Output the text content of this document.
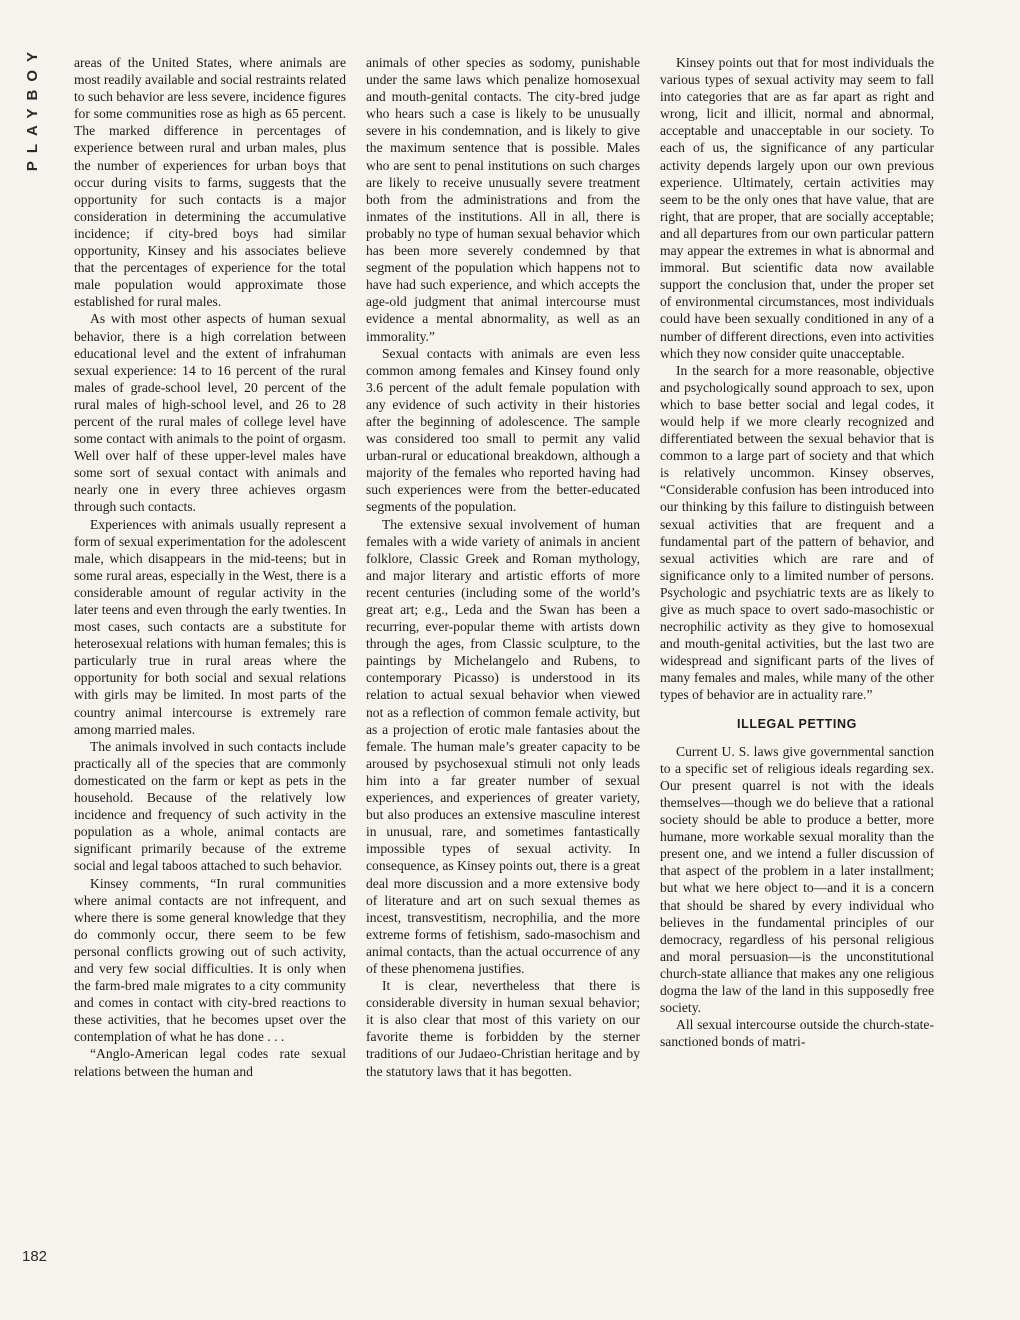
PLAYBOY	areas of the United States, where animals are most readily available and social restraints related to such behavior are less severe, incidence figures for some communities rose as high as 65 percent. The marked difference in percentages of experience between rural and urban males, plus the number of experiences for urban boys that occur during visits to farms, suggests that the opportunity for such contacts is a major consideration in determining the accumulative incidence; if city-bred boys had similar opportunity, Kinsey and his associates believe that the percentages of experience for the total male population would approximate those established for rural males.

As with most other aspects of human sexual behavior, there is a high correlation between educational level and the extent of infrahuman sexual experience: 14 to 16 percent of the rural males of grade-school level, 20 percent of the rural males of high-school level, and 26 to 28 percent of the rural males of college level have some contact with animals to the point of orgasm. Well over half of these upper-level males have some sort of sexual contact with animals and nearly one in every three achieves orgasm through such contacts.

Experiences with animals usually represent a form of sexual experimentation for the adolescent male, which disappears in the mid-teens; but in some rural areas, especially in the West, there is a considerable amount of regular activity in the later teens and even through the early twenties. In most cases, such contacts are a substitute for heterosexual relations with human females; this is particularly true in rural areas where the opportunity for both social and sexual relations with girls may be limited. In most parts of the country animal intercourse is extremely rare among married males.

The animals involved in such contacts include practically all of the species that are commonly domesticated on the farm or kept as pets in the household. Because of the relatively low incidence and frequency of such activity in the population as a whole, animal contacts are significant primarily because of the extreme social and legal taboos attached to such behavior.

Kinsey comments, “In rural communities where animal contacts are not infrequent, and where there is some general knowledge that they do commonly occur, there seem to be few personal conflicts growing out of such activity, and very few social difficulties. It is only when the farm-bred male migrates to a city community and comes in contact with city-bred reactions to these activities, that he becomes upset over the contemplation of what he has done . . .

“Anglo-American legal codes rate sexual relations between the human and

animals of other species as sodomy, punishable under the same laws which penalize homosexual and mouth-genital contacts. The city-bred judge who hears such a case is likely to be unusually severe in his condemnation, and is likely to give the maximum sentence that is possible. Males who are sent to penal institutions on such charges are likely to receive unusually severe treatment both from the administrations and from the inmates of the institutions. All in all, there is probably no type of human sexual behavior which has been more severely condemned by that segment of the population which happens not to have had such experience, and which accepts the age-old judgment that animal intercourse must evidence a mental abnormality, as well as an immorality.”

Sexual contacts with animals are even less common among females and Kinsey found only 3.6 percent of the adult female population with any evidence of such activity in their histories after the beginning of adolescence. The sample was considered too small to permit any valid urban-rural or educational breakdown, although a majority of the females who reported having had such experiences were from the better-educated segments of the population.

The extensive sexual involvement of human females with a wide variety of animals in ancient folklore, Classic Greek and Roman mythology, and major literary and artistic efforts of more recent centuries (including some of the world’s great art; e.g., Leda and the Swan has been a recurring, ever-popular theme with artists down through the ages, from Classic sculpture, to the paintings by Michelangelo and Rubens, to contemporary Picasso) is understood in its relation to actual sexual behavior when viewed not as a reflection of common female activity, but as a projection of erotic male fantasies about the female. The human male’s greater capacity to be aroused by psychosexual stimuli not only leads him into a far greater number of sexual experiences, and experiences of greater variety, but also produces an extensive masculine interest in unusual, rare, and sometimes fantastically impossible types of sexual activity. In consequence, as Kinsey points out, there is a great deal more discussion and a more extensive body of literature and art on such sexual themes as incest, transvestitism, necrophilia, and the more extreme forms of fetishism, sado-masochism and animal contacts, than the actual occurrence of any of these phenomena justifies.

It is clear, nevertheless that there is considerable diversity in human sexual behavior; it is also clear that most of this variety on our favorite theme is forbidden by the sterner traditions of our Judaeo-Christian heritage and by the statutory laws that it has begotten.

Kinsey points out that for most individuals the various types of sexual activity may seem to fall into categories that are as far apart as right and wrong, licit and illicit, normal and abnormal, acceptable and unacceptable in our society. To each of us, the significance of any particular activity depends largely upon our own previous experience. Ultimately, certain activities may seem to be the only ones that have value, that are right, that are proper, that are socially acceptable; and all departures from our own particular pattern may appear the extremes in what is abnormal and immoral. But scientific data now available support the conclusion that, under the proper set of environmental circumstances, most individuals could have been sexually conditioned in any of a number of different directions, even into activities which they now consider quite unacceptable.

In the search for a more reasonable, objective and psychologically sound approach to sex, upon which to base better social and legal codes, it would help if we more clearly recognized and differentiated between the sexual behavior that is common to a large part of society and that which is relatively uncommon. Kinsey observes, “Considerable confusion has been introduced into our thinking by this failure to distinguish between sexual activities that are frequent and a fundamental part of the pattern of behavior, and sexual activities which are rare and of significance only to a limited number of persons. Psychologic and psychiatric texts are as likely to give as much space to overt sado-masochistic or necrophilic activity as they give to homosexual and mouth-genital activities, but the last two are widespread and significant parts of the lives of many females and males, while many of the other types of behavior are in actuality rare.”

ILLEGAL PETTING

Current U. S. laws give governmental sanction to a specific set of religious ideals regarding sex. Our present quarrel is not with the ideals themselves—though we do believe that a rational society should be able to produce a better, more humane, more workable sexual morality than the present one, and we intend a fuller discussion of that aspect of the problem in a later installment; but what we here object to—and it is a concern that should be shared by every individual who believes in the fundamental principles of our democracy, regardless of his personal religious and moral persuasion—is the unconstitutional church-state alliance that makes any one religious dogma the law of the land in this supposedly free society.

All sexual intercourse outside the church-state-sanctioned bonds of matri-

182
